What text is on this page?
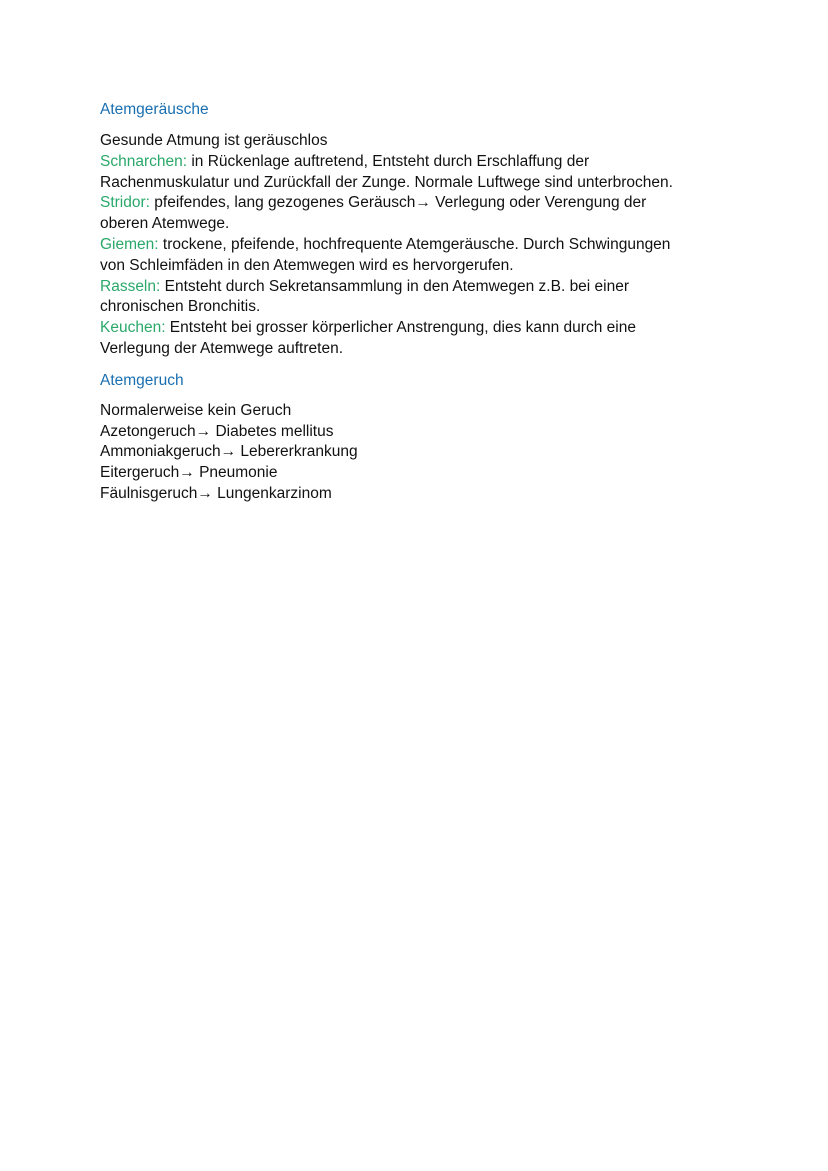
Atemgeräusche
Gesunde Atmung ist geräuschlos
Schnarchen: in Rückenlage auftretend, Entsteht durch Erschlaffung der
Rachenmuskulatur und Zurückfall der Zunge. Normale Luftwege sind unterbrochen.
Stridor: pfeifendes, lang gezogenes Geräusch→ Verlegung oder Verengung der
oberen Atemwege.
Giemen: trockene, pfeifende, hochfrequente Atemgeräusche. Durch Schwingungen
von Schleimfäden in den Atemwegen wird es hervorgerufen.
Rasseln: Entsteht durch Sekretansammlung in den Atemwegen z.B. bei einer
chronischen Bronchitis.
Keuchen: Entsteht bei grosser körperlicher Anstrengung, dies kann durch eine
Verlegung der Atemwege auftreten.
Atemgeruch
Normalerweise kein Geruch
Azetongeruch→ Diabetes mellitus
Ammoniakgeruch→ Lebererkrankung
Eitergeruch→ Pneumonie
Fäulnisgeruch→ Lungenkarzinom
